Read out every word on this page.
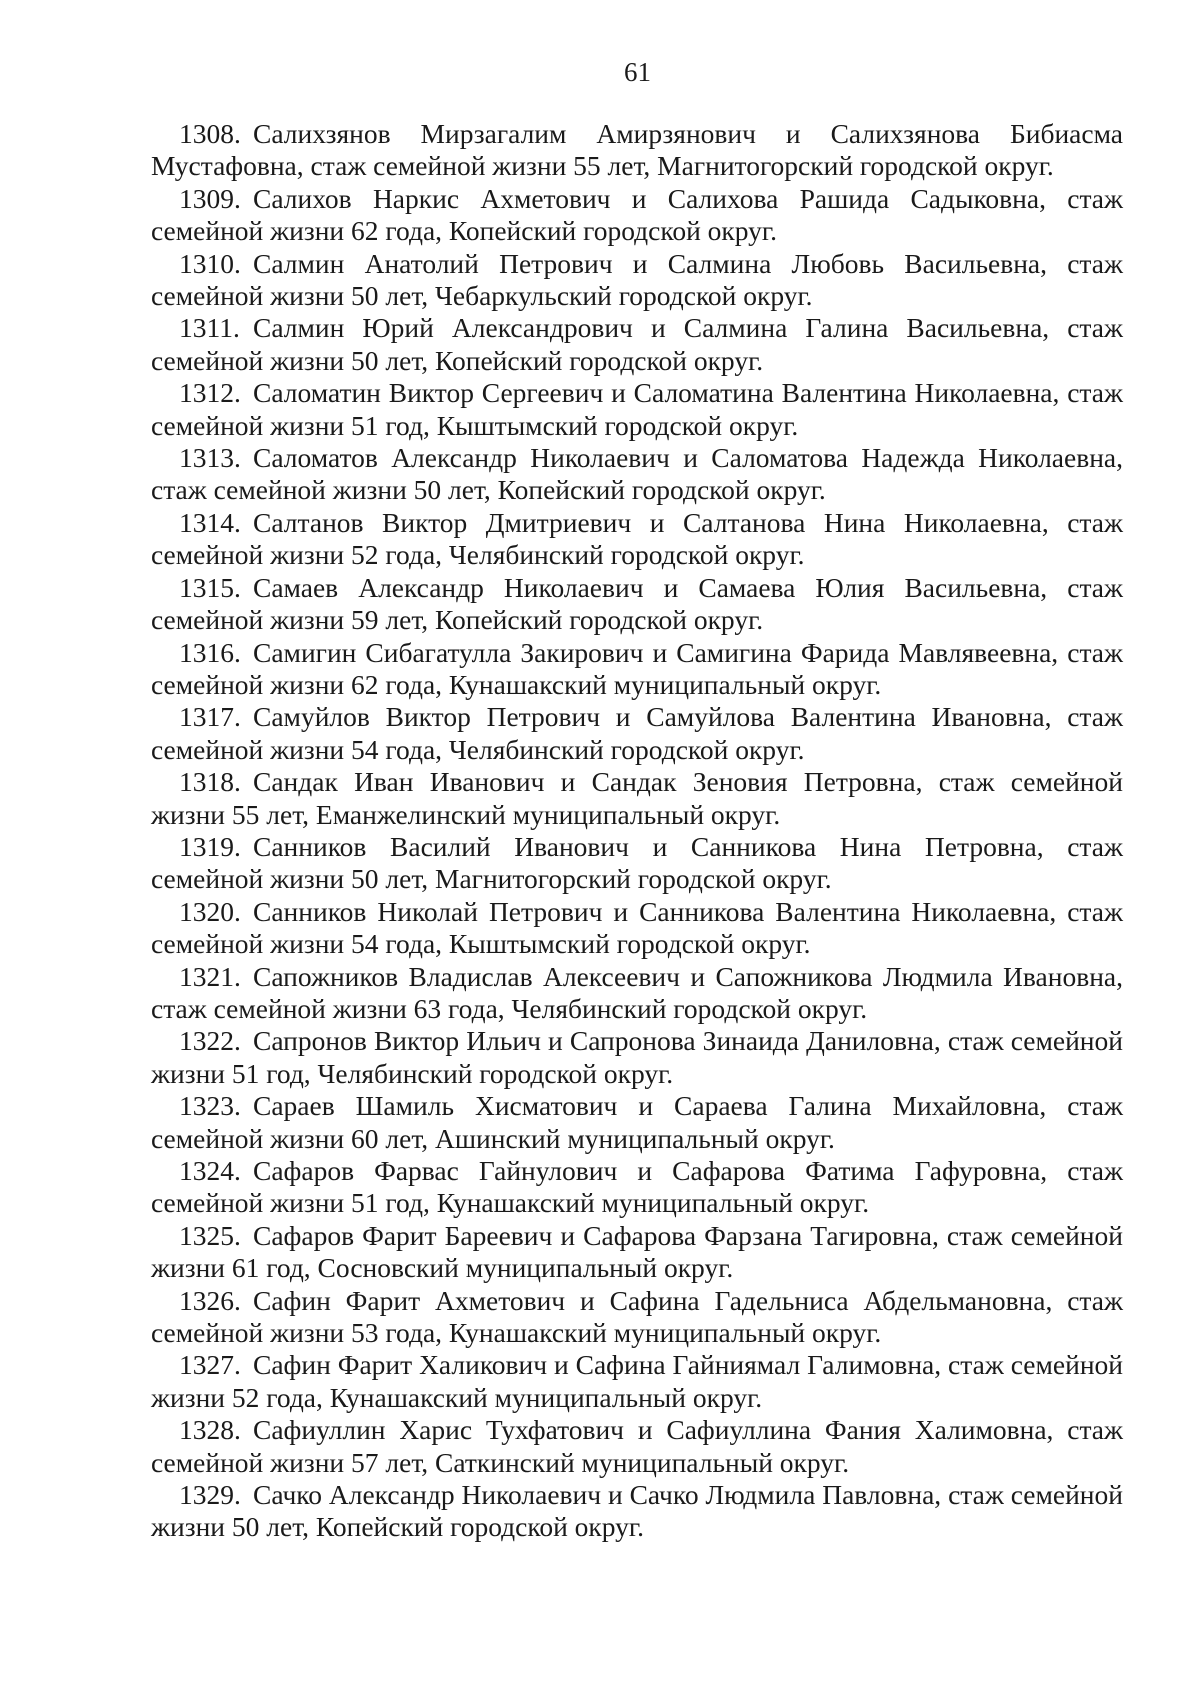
61

1308. Салихзянов Мирзагалим Амирзянович и Салихзянова Бибиасма Мустафовна, стаж семейной жизни 55 лет, Магнитогорский городской округ.

1309. Салихов Наркис Ахметович и Салихова Рашида Садыковна, стаж семейной жизни 62 года, Копейский городской округ.

1310. Салмин Анатолий Петрович и Салмина Любовь Васильевна, стаж семейной жизни 50 лет, Чебаркульский городской округ.

1311. Салмин Юрий Александрович и Салмина Галина Васильевна, стаж семейной жизни 50 лет, Копейский городской округ.

1312. Саломатин Виктор Сергеевич и Саломатина Валентина Николаевна, стаж семейной жизни 51 год, Кыштымский городской округ.

1313. Саломатов Александр Николаевич и Саломатова Надежда Николаевна, стаж семейной жизни 50 лет, Копейский городской округ.

1314. Салтанов Виктор Дмитриевич и Салтанова Нина Николаевна, стаж семейной жизни 52 года, Челябинский городской округ.

1315. Самаев Александр Николаевич и Самаева Юлия Васильевна, стаж семейной жизни 59 лет, Копейский городской округ.

1316. Самигин Сибагатулла Закирович и Самигина Фарида Мавлявеевна, стаж семейной жизни 62 года, Кунашакский муниципальный округ.

1317. Самуйлов Виктор Петрович и Самуйлова Валентина Ивановна, стаж семейной жизни 54 года, Челябинский городской округ.

1318. Сандак Иван Иванович и Сандак Зеновия Петровна, стаж семейной жизни 55 лет, Еманжелинский муниципальный округ.

1319. Санников Василий Иванович и Санникова Нина Петровна, стаж семейной жизни 50 лет, Магнитогорский городской округ.

1320. Санников Николай Петрович и Санникова Валентина Николаевна, стаж семейной жизни 54 года, Кыштымский городской округ.

1321. Сапожников Владислав Алексеевич и Сапожникова Людмила Ивановна, стаж семейной жизни 63 года, Челябинский городской округ.

1322. Сапронов Виктор Ильич и Сапронова Зинаида Даниловна, стаж семейной жизни 51 год, Челябинский городской округ.

1323. Сараев Шамиль Хисматович и Сараева Галина Михайловна, стаж семейной жизни 60 лет, Ашинский муниципальный округ.

1324. Сафаров Фарвас Гайнулович и Сафарова Фатима Гафуровна, стаж семейной жизни 51 год, Кунашакский муниципальный округ.

1325. Сафаров Фарит Бареевич и Сафарова Фарзана Тагировна, стаж семейной жизни 61 год, Сосновский муниципальный округ.

1326. Сафин Фарит Ахметович и Сафина Гадельниса Абдельмановна, стаж семейной жизни 53 года, Кунашакский муниципальный округ.

1327. Сафин Фарит Халикович и Сафина Гайниямал Галимовна, стаж семейной жизни 52 года, Кунашакский муниципальный округ.

1328. Сафиуллин Харис Тухфатович и Сафиуллина Фания Халимовна, стаж семейной жизни 57 лет, Саткинский муниципальный округ.

1329. Сачко Александр Николаевич и Сачко Людмила Павловна, стаж семейной жизни 50 лет, Копейский городской округ.
